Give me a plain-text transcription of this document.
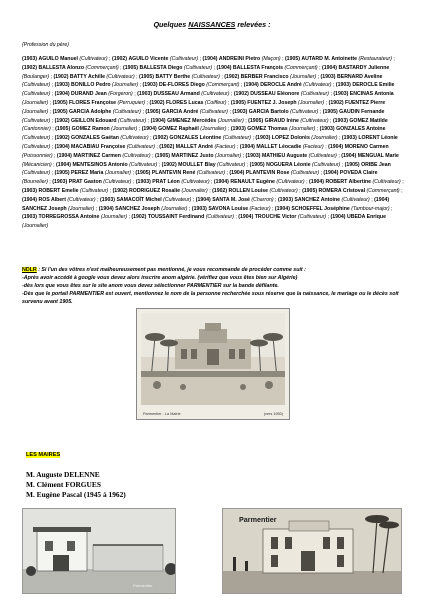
Quelques NAISSANCES relevées :
(Profession du père)
(1903) AGUILO Manuel (Cultivateur) ; (1902) AGUILO Vicente (Cultivateur) ; (1904) ANDREINI Pietro (Maçon) ; (1905) AUTARD M. Antoinette (Restaurateur) ; (1902) BALLESTA Alonzo (Commerçant) ; (1905) BALLESTA Diego (Cultivateur) ; (1904) BALLESTA François (Commerçant) ; (1904) BASTARDY Julienne (Boulanger) ; (1902) BATTY Achille (Cultivateur) ; (1905) BATTY Berthe (Cultivateur) ; (1902) BERBER Francisco (Journalier) ; (1903) BERNARD Aveline (Cultivateur) ; (1903) BONILLO Pedro (Journalier) ; (1903) DE-FLORES Diego (Commerçant) ; (1904) DEROCLE André (Cultivateur) ; (1903) DEROCLE Emilie (Cultivateur) ; (1904) DURAND Jean (Forgeron) ; (1903) DUSSEAU Armand (Cultivateur) ; (1902) DUSSEAU Eléonore (Cultivateur) ; (1903) ENCINAS Antonia (Journalier) ; (1905) FLORES Françoise (Perruquier) ; (1902) FLORES Lucas (Coiffeur) ; (1905) FUENTEZ J. Joseph (Journalier) ; (1902) FUENTEZ Pierre (Journalier) ; (1905) GARCIA Adolphe (Cultivateur) ; (1905) GARCIA André (Cultivateur) ; (1903) GARCIA Bartolo (Cultivateur) ; (1905) GAUDIN Fernande (Cultivateur) ; (1902) GEILLON Edouard (Cultivateur) ; (1904) GIMENEZ Mercédès (Journalier) ; (1905) GIRAUD Irène (Cultivateur) ; (1903) GOMEZ Matilde (Cantonnier) ; (1905) GOMEZ Ramon (Journalier) ; (1904) GOMEZ Raphaël (Journalier) ; (1903) GOMEZ Thomas (Journalier) ; (1903) GONZALES Antoine (Cultivateur) ; (1902) GONZALES Gaétan (Cultivateur) ; (1902) GONZALES Léontine (Cultivateur) ; (1903) LOPEZ Dolorès (Journalier) ; (1903) LORENT Léonie (Cultivateur) ; (1904) MACABIAU Françoise (Cultivateur) ; (1902) MALLET André (Facteur) ; (1904) MALLET Léocadie (Facteur) ; (1904) MORENO Carmen (Poissonnier) ; (1904) MARTINEZ Carmen (Cultivateur) ; (1905) MARTINEZ Justo (Journalier) ; (1903) MATHIEU Auguste (Cultivateur) ; (1904) MENGUAL Marie (Mécanicien) ; (1904) MENTESINOS Antonio (Cultivateur) ; (1902) MOULLET Blay (Cultivateur) ; (1905) NOGUERA Léonie (Cultivateur) ; (1905) ORIBE Jean (Cultivateur) ; (1905) PEREZ Maria (Journalier) ; (1905) PLANTEVIN René (Cultivateur) ; (1904) PLANTEVIN Rose (Cultivateur) ; (1904) POVEDA Claire (Bourrelier) ; (1903) PRAT Gaston (Cultivateur) ; (1903) PRAT Léon (Cultivateur) ; (1904) RENAULT Eugène (Cultivateur) ; (1904) ROBERT Albertine (Cultivateur) ; (1903) ROBERT Emelie (Cultivateur) ; (1902) RODRIGUEZ Rosalie (Journalier) ; (1902) ROLLEN Louise (Cultivateur) ; (1905) ROMERA Cristoval (Commerçant) ; (1904) ROS Albert (Cultivateur) ; (1903) SAMACOÏT Michel (Cultivateur) ; (1904) SANTA M. José (Charron) ; (1903) SANCHEZ Antoine (Cultivateur) ; (1904) SANCHEZ Joseph (Journalier) ; (1904) SANCHEZ Joseph (Journalier) ; (1903) SAVONA Louise (Facteur) ; (1904) SCHOEFFEL Joséphine (Tambour-major) ; (1903) TORREGROSSA Antoine (Journalier) ; (1902) TOUSSAINT Ferdinand (Cultivateur) ; (1904) TROUCHE Victor (Cultivateur) ; (1904) UBEDA Enrique (Journalier)
NDLR : Si l'un des vôtres n'est malheureusement pas mentionné, je vous recommande de procéder comme suit :
-Après avoir accédé à google vous devez alors inscrire anom algérie. (vérifiez que vous êtes bien sur Algérie)
-dès lors que vous êtes sur le site anom vous devez sélectionner PARMENTIER sur la bande défilante.
-Dès que le portail PARMENTIER est ouvert, mentionnez le nom de la personne recherchée sous réserve que la naissance, le mariage ou le décès soit survenu avant 1905.
Parmentier - La Mairie	(vers 1950)
LES MAIRES
M. Auguste DELENNE
M. Clément FORGUES
M. Eugène Pascal (1945 à 1962)
Parmentier
Parmentier
